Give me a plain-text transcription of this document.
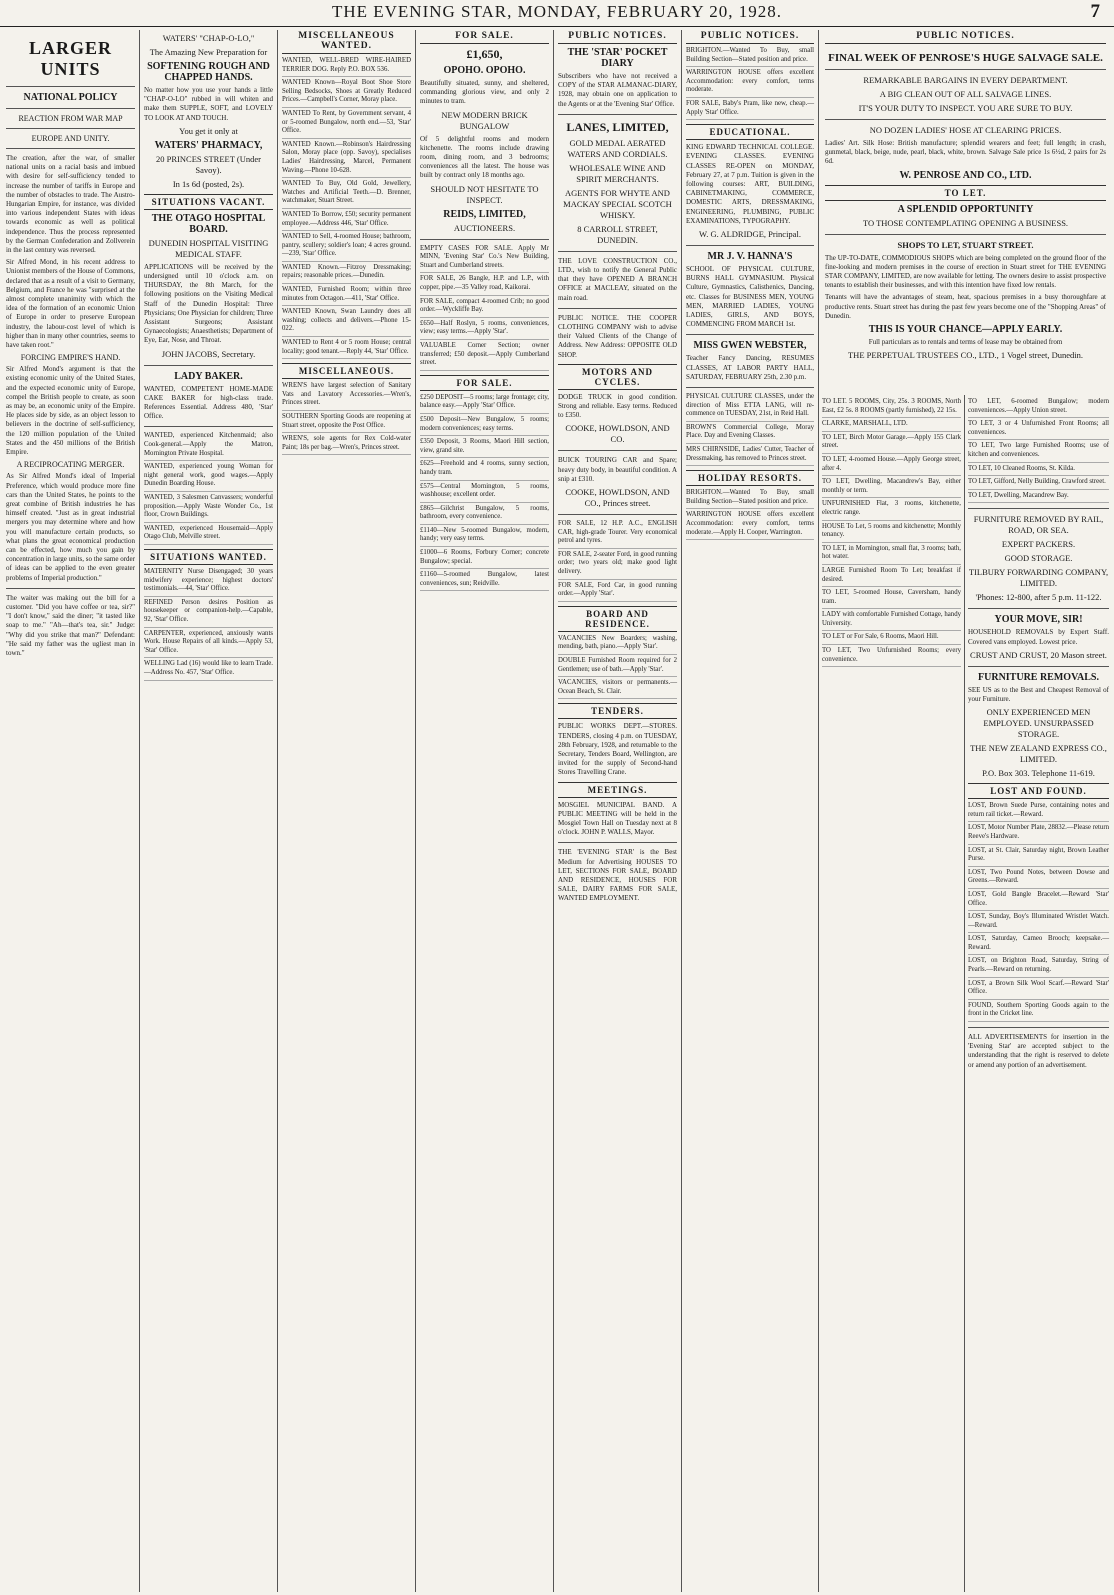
THE EVENING STAR, MONDAY, FEBRUARY 20, 1928.	7
LARGER UNITS
NATIONAL POLICY
REACTION FROM WAR MAP
EUROPE AND UNITY.

The creation, after the war, of smaller national units on a racial basis and imbued with desire for self-sufficiency tended to increase the number of tariffs in Europe and the number of obstacles to trade. The Austro-Hungarian Empire, for instance, was divided into various independent States with ideas towards economic as well as political independence. Thus the process represented by the German Confederation and Zollverein in the last century was reversed.

Sir Alfred Mond, in his recent address to Unionist members of the House of Commons, declared that as a result of a visit to Germany, Belgium, and France he was "surprised at the almost complete unanimity with which the idea of the formation of an economic Union of Europe in order to preserve European industry, the labour-cost level of which is higher than in many other countries, seems to have taken root."

FORCING EMPIRE'S HAND.

Sir Alfred Mond's argument is that the existing economic unity of the United States, and the expected economic unity of Europe, compel the British people to create, as soon as may be, an economic unity of the Empire. He places side by side, as an object lesson to believers in the doctrine of self-sufficiency, the 120 million population of the United States and the 450 millions of the British Empire.

A RECIPROCATING MERGER.

As Sir Alfred Mond's ideal of Imperial Preference, which would produce more fine cars than the United States, he points to the great combine of British industries he has himself created. "Just as in great industrial mergers you may determine where and how you will manufacture certain products, so what plans the great economical production can be effected, how much you gain by concentration in large units, so the same order of ideas can be applied to the even greater problems of Imperial production."

The waiter was making out the bill for a customer. "Did you have coffee or tea, sir?" "I don't know," said the diner; "it tasted like soap to me." "Ah—that's tea, sir." Judge: "Why did you strike that man?" Defendant: "He said my father was the ugliest man in town."

WATERS' "CHAP-O-LO,"
The Amazing New Preparation for
SOFTENING ROUGH AND CHAPPED HANDS.

No matter how you use your hands a little "CHAP-O-LO" rubbed in will whiten and make them SUPPLE, SOFT, and LOVELY TO LOOK AT AND TOUCH.

You get it only at
WATERS' PHARMACY,
20 PRINCES STREET (Under Savoy).
In 1s 6d (posted, 2s).
SITUATIONS VACANT.
THE OTAGO HOSPITAL BOARD.
DUNEDIN HOSPITAL VISITING MEDICAL STAFF.

APPLICATIONS will be received by the undersigned until 10 o'clock a.m. on THURSDAY, the 8th March, for the following positions on the Visiting Medical Staff of the Dunedin Hospital: Three Physicians; One Physician for children; Three Assistant Surgeons; Assistant Gynaecologists; Anaesthetists; Department of Eye, Ear, Nose, and Throat.

JOHN JACOBS, Secretary.
LADY BAKER.

WANTED, COMPETENT HOME-MADE CAKE BAKER for high-class trade. References Essential. Address 480, 'Star' Office.

WANTED, experienced Kitchenmaid; also Cook-general.—Apply the Matron, Mornington Private Hospital.
WANTED, experienced young Woman for night general work, good wages.—Apply Dunedin Boarding House.
WANTED, 3 Salesmen Canvassers; wonderful proposition.—Apply Waste Wonder Co., 1st floor, Crown Buildings.
WANTED, experienced Housemaid—Apply Otago Club, Melville street.
SITUATIONS WANTED.
MATERNITY Nurse Disengaged; 30 years midwifery experience; highest doctors' testimonials.—44, 'Star' Office.
REFINED Person desires Position as housekeeper or companion-help.—Capable, 92, 'Star' Office.
CARPENTER, experienced, anxiously wants Work. House Repairs of all kinds.—Apply 53, 'Star' Office.
WELLING Lad (16) would like to learn Trade.—Address No. 457, 'Star' Office.
MISCELLANEOUS WANTED.
WANTED, WELL-BRED WIRE-HAIRED TERRIER DOG. Reply P.O. BOX 536.
WANTED Known—Royal Boot Shoe Store Selling Bedsocks, Shoes at Greatly Reduced Prices.—Campbell's Corner, Moray place.
WANTED To Rent, by Government servant, 4 or 5-roomed Bungalow, north end.—53, 'Star' Office.
WANTED Known.—Robinson's Hairdressing Salon, Moray place (opp. Savoy), specialises Ladies' Hairdressing, Marcel, Permanent Waving.—Phone 10-628.
WANTED To Buy, Old Gold, Jewellery, Watches and Artificial Teeth.—D. Brenner, watchmaker, Stuart Street.
WANTED To Borrow, £50; security permanent employee.—Address 446, 'Star' Office.
WANTED to Sell, 4-roomed House; bathroom, pantry, scullery; soldier's loan; 4 acres ground.—239, 'Star' Office.
WANTED Known.—Fitzroy Dressmaking; repairs; reasonable prices.—Dunedin.
WANTED, Furnished Room; within three minutes from Octagon.—411, 'Star' Office.
WANTED Known, Swan Laundry does all washing; collects and delivers.—Phone 15-022.
WANTED to Rent 4 or 5 room House; central locality; good tenant.—Reply 44, 'Star' Office.
MISCELLANEOUS.
WREN'S have largest selection of Sanitary Vats and Lavatory Accessories.—Wren's, Princes street.
SOUTHERN Sporting Goods are reopening at Stuart street, opposite the Post Office.
WREN'S, sole agents for Rex Cold-water Paint; 18s per bag.—Wren's, Princes street.
FOR SALE.
£1,650,
OPOHO. OPOHO.

Beautifully situated, sunny, and sheltered, commanding glorious view, and only 2 minutes to tram.

NEW MODERN BRICK BUNGALOW

Of 5 delightful rooms and modern kitchenette. The rooms include drawing room, dining room, and 3 bedrooms; conveniences all the latest. The house was built by contract only 18 months ago.

SHOULD NOT HESITATE TO INSPECT.
REIDS, LIMITED,
AUCTIONEERS.
EMPTY CASES FOR SALE. Apply Mr MINN, 'Evening Star' Co.'s New Building, Stuart and Cumberland streets.
FOR SALE, 26 Bangle, H.P. and L.P., with copper, pipe.—35 Valley road, Kaikorai.
FOR SALE, compact 4-roomed Crib; no good order.—Wyckliffe Bay.
£650—Half Roslyn, 5 rooms, conveniences, view; easy terms.—Apply 'Star'.
VALUABLE Corner Section; owner transferred; £50 deposit.—Apply Cumberland street.
FOR SALE.
£250 DEPOSIT—5 rooms; large frontage; city, balance easy.—Apply 'Star' Office.
£500 Deposit—New Bungalow, 5 rooms; modern conveniences; easy terms.
£350 Deposit, 3 Rooms, Maori Hill section, view, grand site.
£625—Freehold and 4 rooms, sunny section, handy tram.
£575—Central Mornington, 5 rooms, washhouse; excellent order.
£865—Gilchrist Bungalow, 5 rooms, bathroom, every convenience.
£1140—New 5-roomed Bungalow, modern, handy; very easy terms.
£1000—6 Rooms, Forbury Corner; concrete Bungalow; special.
£1160—5-roomed Bungalow, latest conveniences, sun; Reidville.
PUBLIC NOTICES.
THE 'STAR' POCKET DIARY

Subscribers who have not received a COPY of the STAR ALMANAC-DIARY, 1928, may obtain one on application to the Agents or at the 'Evening Star' Office.

LANES, LIMITED,
GOLD MEDAL AERATED WATERS AND CORDIALS.
WHOLESALE WINE AND SPIRIT MERCHANTS.
AGENTS FOR WHYTE AND MACKAY SPECIAL SCOTCH WHISKY.
8 CARROLL STREET, DUNEDIN.

THE LOVE CONSTRUCTION CO., LTD., wish to notify the General Public that they have OPENED A BRANCH OFFICE at MACLEAY, situated on the main road.

PUBLIC NOTICE. THE COOPER CLOTHING COMPANY wish to advise their Valued Clients of the Change of Address. New Address: OPPOSITE OLD SHOP.

MOTORS AND CYCLES.

DODGE TRUCK in good condition. Strong and reliable. Easy terms. Reduced to £350.

COOKE, HOWLDSON, AND CO.

BUICK TOURING CAR and Spare; heavy duty body, in beautiful condition. A snip at £310.

COOKE, HOWLDSON, AND CO., Princes street.
FOR SALE, 12 H.P. A.C., ENGLISH CAR, high-grade Tourer. Very economical petrol and tyres.
FOR SALE, 2-seater Ford, in good running order; two years old; make good light delivery.
FOR SALE, Ford Car, in good running order.—Apply 'Star'.
BOARD AND RESIDENCE.
VACANCIES New Boarders; washing, mending, bath, piano.—Apply 'Star'.
DOUBLE Furnished Room required for 2 Gentlemen; use of bath.—Apply 'Star'.
VACANCIES, visitors or permanents.—Ocean Beach, St. Clair.
TENDERS.

PUBLIC WORKS DEPT.—STORES. TENDERS, closing 4 p.m. on TUESDAY, 28th February, 1928, and returnable to the Secretary, Tenders Board, Wellington, are invited for the supply of Second-hand Stores Travelling Crane.

MEETINGS.

MOSGIEL MUNICIPAL BAND. A PUBLIC MEETING will be held in the Mosgiel Town Hall on Tuesday next at 8 o'clock. JOHN P. WALLS, Mayor.

THE 'EVENING STAR' is the Best Medium for Advertising HOUSES TO LET, SECTIONS FOR SALE, BOARD AND RESIDENCE, HOUSES FOR SALE, DAIRY FARMS FOR SALE, WANTED EMPLOYMENT.

PUBLIC NOTICES.
BRIGHTON.—Wanted To Buy, small Building Section—Stated position and price.
WARRINGTON HOUSE offers excellent Accommodation: every comfort, terms moderate.
FOR SALE, Baby's Pram, like new, cheap.—Apply 'Star' Office.
EDUCATIONAL.

KING EDWARD TECHNICAL COLLEGE. EVENING CLASSES. EVENING CLASSES RE-OPEN on MONDAY, February 27, at 7 p.m. Tuition is given in the following courses: ART, BUILDING, CABINETMAKING, COMMERCE, DOMESTIC ARTS, DRESSMAKING, ENGINEERING, PLUMBING, PUBLIC EXAMINATIONS, TYPOGRAPHY.

W. G. ALDRIDGE, Principal.
MR J. V. HANNA'S

SCHOOL OF PHYSICAL CULTURE, BURNS HALL GYMNASIUM. Physical Culture, Gymnastics, Calisthenics, Dancing, etc. Classes for BUSINESS MEN, YOUNG MEN, MARRIED LADIES, YOUNG LADIES, GIRLS, AND BOYS, COMMENCING FROM MARCH 1st.

MISS GWEN WEBSTER,

Teacher Fancy Dancing, RESUMES CLASSES, AT LABOR PARTY HALL, SATURDAY, FEBRUARY 25th, 2.30 p.m.

PHYSICAL CULTURE CLASSES, under the direction of Miss ETTA LANG, will re-commence on TUESDAY, 21st, in Reid Hall.
BROWN'S Commercial College, Moray Place. Day and Evening Classes.
MRS CHIRNSIDE, Ladies' Cutter, Teacher of Dressmaking, has removed to Princes street.
HOLIDAY RESORTS.
BRIGHTON.—Wanted To Buy, small Building Section—Stated position and price.
WARRINGTON HOUSE offers excellent Accommodation: every comfort, terms moderate.—Apply H. Cooper, Warrington.
TO LET. 5 ROOMS, City, 25s. 3 ROOMS, North East, £2 5s. 8 ROOMS (partly furnished), 22 15s.
CLARKE, MARSHALL, LTD.
TO LET, Birch Motor Garage.—Apply 155 Clark street.
TO LET, 4-roomed House.—Apply George street, after 4.
TO LET, Dwelling, Macandrew's Bay, either monthly or term.
UNFURNISHED Flat, 3 rooms, kitchenette, electric range.
HOUSE To Let, 5 rooms and kitchenette; Monthly tenancy.
TO LET, in Mornington, small flat, 3 rooms; bath, hot water.
LARGE Furnished Room To Let; breakfast if desired.
TO LET, 5-roomed House, Caversham, handy tram.
LADY with comfortable Furnished Cottage, handy University.
TO LET or For Sale, 6 Rooms, Maori Hill.
TO LET, Two Unfurnished Rooms; every convenience.
TO LET, 6-roomed Bungalow; modern conveniences.—Apply Union street.
TO LET, 3 or 4 Unfurnished Front Rooms; all conveniences.
TO LET, Two large Furnished Rooms; use of kitchen and conveniences.
TO LET, 10 Cleaned Rooms, St. Kilda.
TO LET, Gifford, Nelly Building, Crawford street.
TO LET, Dwelling, Macandrew Bay.
FURNITURE REMOVED BY RAIL, ROAD, OR SEA.
EXPERT PACKERS.
GOOD STORAGE.
TILBURY FORWARDING COMPANY, LIMITED.
'Phones: 12-800, after 5 p.m. 11-122.
YOUR MOVE, SIR!

HOUSEHOLD REMOVALS by Expert Staff. Covered vans employed. Lowest price.

CRUST AND CRUST, 20 Mason street.
FURNITURE REMOVALS.

SEE US as to the Best and Cheapest Removal of your Furniture.

ONLY EXPERIENCED MEN EMPLOYED. UNSURPASSED STORAGE.
THE NEW ZEALAND EXPRESS CO., LIMITED.
P.O. Box 303. Telephone 11-619.
LOST AND FOUND.
LOST, Brown Suede Purse, containing notes and return rail ticket.—Reward.
LOST, Motor Number Plate, 28832.—Please return Reeve's Hardware.
LOST, at St. Clair, Saturday night, Brown Leather Purse.
LOST, Two Pound Notes, between Dowse and Greens.—Reward.
LOST, Gold Bangle Bracelet.—Reward 'Star' Office.
LOST, Sunday, Boy's Illuminated Wristlet Watch.—Reward.
LOST, Saturday, Cameo Brooch; keepsake.—Reward.
LOST, on Brighton Road, Saturday, String of Pearls.—Reward on returning.
LOST, a Brown Silk Wool Scarf.—Reward 'Star' Office.
FOUND, Southern Sporting Goods again to the front in the Cricket line.

ALL ADVERTISEMENTS for insertion in the 'Evening Star' are accepted subject to the understanding that the right is reserved to delete or amend any portion of an advertisement.

PUBLIC NOTICES.
FINAL WEEK OF PENROSE'S HUGE SALVAGE SALE.
REMARKABLE BARGAINS IN EVERY DEPARTMENT.
A BIG CLEAN OUT OF ALL SALVAGE LINES.
IT'S YOUR DUTY TO INSPECT. YOU ARE SURE TO BUY.
NO DOZEN LADIES' HOSE AT CLEARING PRICES.

Ladies' Art. Silk Hose: British manufacture; splendid wearers and feet; full length; in crash, gunmetal, black, beige, nude, pearl, black, white, brown. Salvage Sale price 1s 6½d, 2 pairs for 2s 6d.

W. PENROSE AND CO., LTD.
TO LET.
A SPLENDID OPPORTUNITY
TO THOSE CONTEMPLATING OPENING A BUSINESS.
SHOPS TO LET, STUART STREET.

The UP-TO-DATE, COMMODIOUS SHOPS which are being completed on the ground floor of the fine-looking and modern premises in the course of erection in Stuart street for THE EVENING STAR COMPANY, LIMITED, are now available for letting. The owners desire to assist prospective tenants to establish their businesses, and with this intention have fixed low rentals.

Tenants will have the advantages of steam, heat, spacious premises in a busy thoroughfare at productive rents. Stuart street has during the past few years become one of the "Shopping Areas" of Dunedin.

THIS IS YOUR CHANCE—APPLY EARLY.

Full particulars as to rentals and terms of lease may be obtained from

THE PERPETUAL TRUSTEES CO., LTD., 1 Vogel street, Dunedin.
